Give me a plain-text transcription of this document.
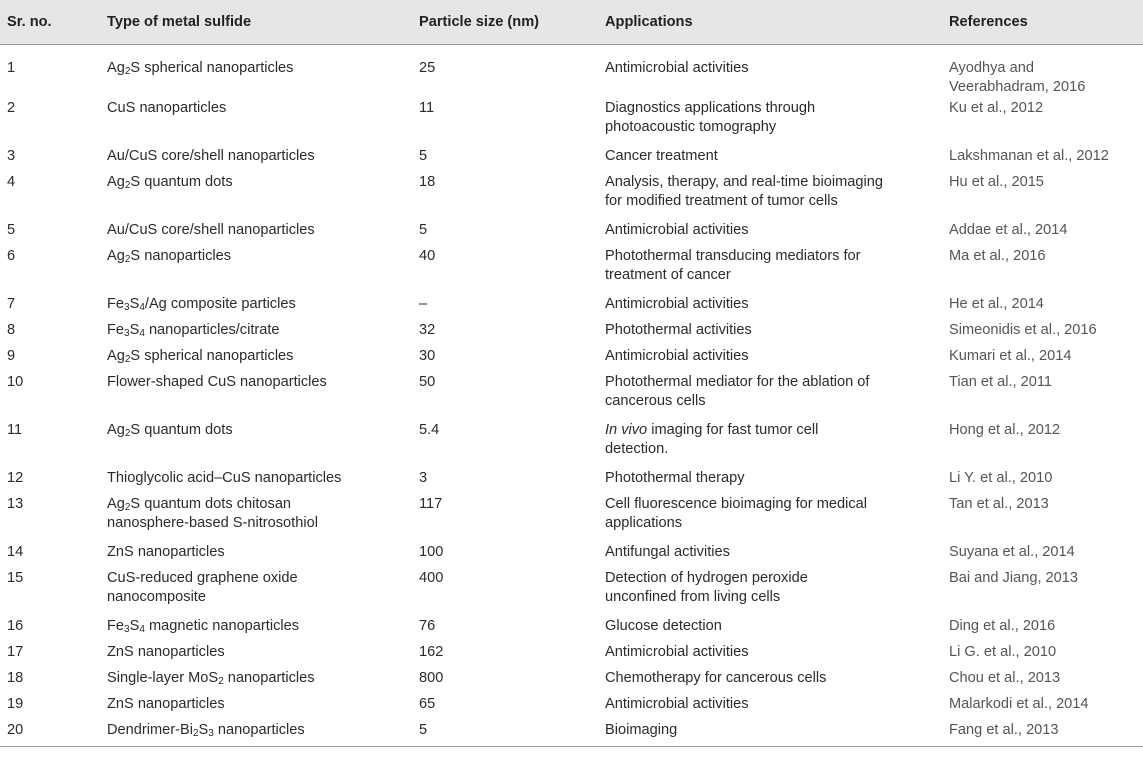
Sr. no.	Type of metal sulfide	Particle size (nm)	Applications	References
1	$Ag_2S$ spherical nanoparticles	25	Antimicrobial activities	Ayodhya and
Veerabhadram, 2016
2	CuS nanoparticles	11	Diagnostics applications through
photoacoustic tomography	Ku et al., 2012
3	Au/CuS core/shell nanoparticles	5	Cancer treatment	Lakshmanan et al., 2012
4	$Ag_2S$ quantum dots	18	Analysis, therapy, and real-time bioimaging
for modified treatment of tumor cells	Hu et al., 2015
5	Au/CuS core/shell nanoparticles	5	Antimicrobial activities	Addae et al., 2014
6	$Ag_2S$ nanoparticles	40	Photothermal transducing mediators for
treatment of cancer	Ma et al., 2016
7	$Fe_3S_4/Ag$ composite particles	–	Antimicrobial activities	He et al., 2014
8	$Fe_3S_4$ nanoparticles/citrate	32	Photothermal activities	Simeonidis et al., 2016
9	$Ag_2S$ spherical nanoparticles	30	Antimicrobial activities	Kumari et al., 2014
10	Flower-shaped CuS nanoparticles	50	Photothermal mediator for the ablation of
cancerous cells	Tian et al., 2011
11	$Ag_2S$ quantum dots	5.4	In vivo imaging for fast tumor cell
detection.	Hong et al., 2012
12	Thioglycolic acid–CuS nanoparticles	3	Photothermal therapy	Li Y. et al., 2010
13	$Ag_2S$ quantum dots chitosan
nanosphere-based S-nitrosothiol	117	Cell fluorescence bioimaging for medical
applications	Tan et al., 2013
14	ZnS nanoparticles	100	Antifungal activities	Suyana et al., 2014
15	CuS-reduced graphene oxide
nanocomposite	400	Detection of hydrogen peroxide
unconfined from living cells	Bai and Jiang, 2013
16	$Fe_3S_4$ magnetic nanoparticles	76	Glucose detection	Ding et al., 2016
17	ZnS nanoparticles	162	Antimicrobial activities	Li G. et al., 2010
18	Single-layer MoS$_2$ nanoparticles	800	Chemotherapy for cancerous cells	Chou et al., 2013
19	ZnS nanoparticles	65	Antimicrobial activities	Malarkodi et al., 2014
20	Dendrimer-$Bi_2S_3$ nanoparticles	5	Bioimaging	Fang et al., 2013
